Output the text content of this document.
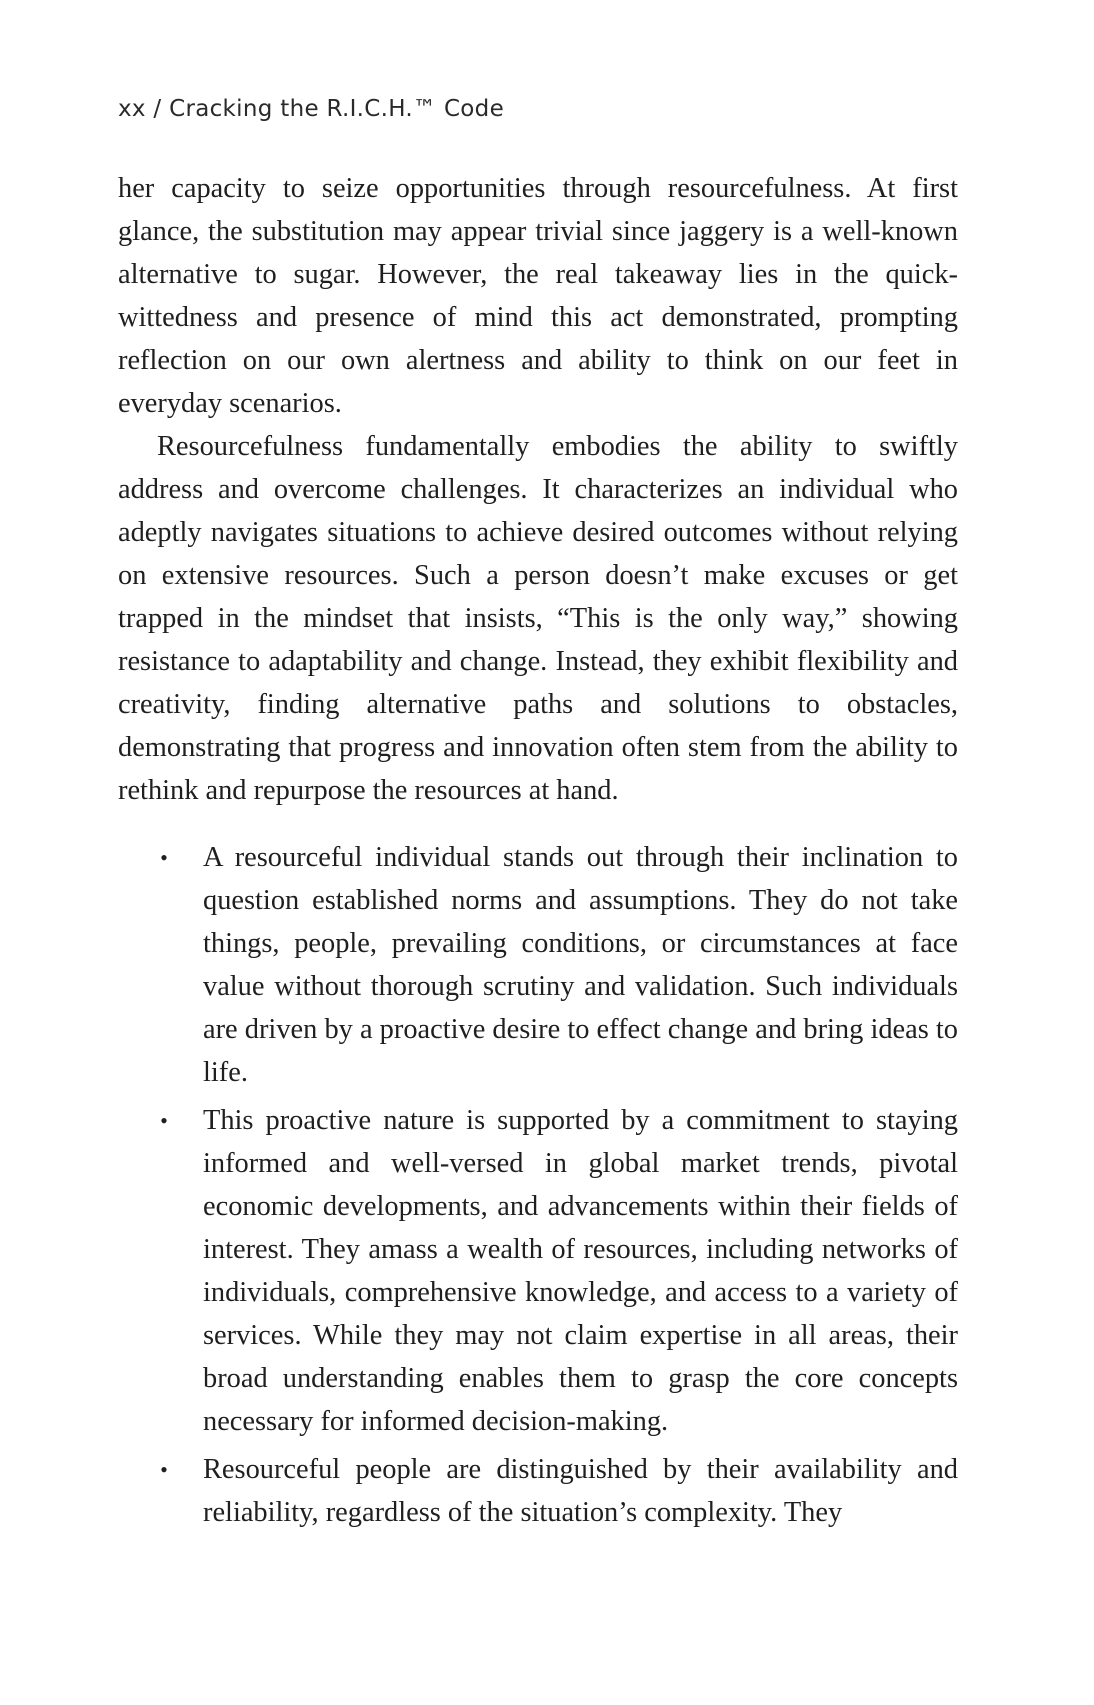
xx / Cracking the R.I.C.H.™ Code

her capacity to seize opportunities through resourcefulness. At first glance, the substitution may appear trivial since jaggery is a well-known alternative to sugar. However, the real takeaway lies in the quick-wittedness and presence of mind this act demonstrated, prompting reflection on our own alertness and ability to think on our feet in everyday scenarios.

Resourcefulness fundamentally embodies the ability to swiftly address and overcome challenges. It characterizes an individual who adeptly navigates situations to achieve desired outcomes without relying on extensive resources. Such a person doesn’t make excuses or get trapped in the mindset that insists, “This is the only way,” showing resistance to adaptability and change. Instead, they exhibit flexibility and creativity, finding alternative paths and solutions to obstacles, demonstrating that progress and innovation often stem from the ability to rethink and repurpose the resources at hand.

• A resourceful individual stands out through their inclination to question established norms and assumptions. They do not take things, people, prevailing conditions, or circumstances at face value without thorough scrutiny and validation. Such individuals are driven by a proactive desire to effect change and bring ideas to life.
• This proactive nature is supported by a commitment to staying informed and well-versed in global market trends, pivotal economic developments, and advancements within their fields of interest. They amass a wealth of resources, including networks of individuals, comprehensive knowledge, and access to a variety of services. While they may not claim expertise in all areas, their broad understanding enables them to grasp the core concepts necessary for informed decision-making.
• Resourceful people are distinguished by their availability and reliability, regardless of the situation’s complexity. They
